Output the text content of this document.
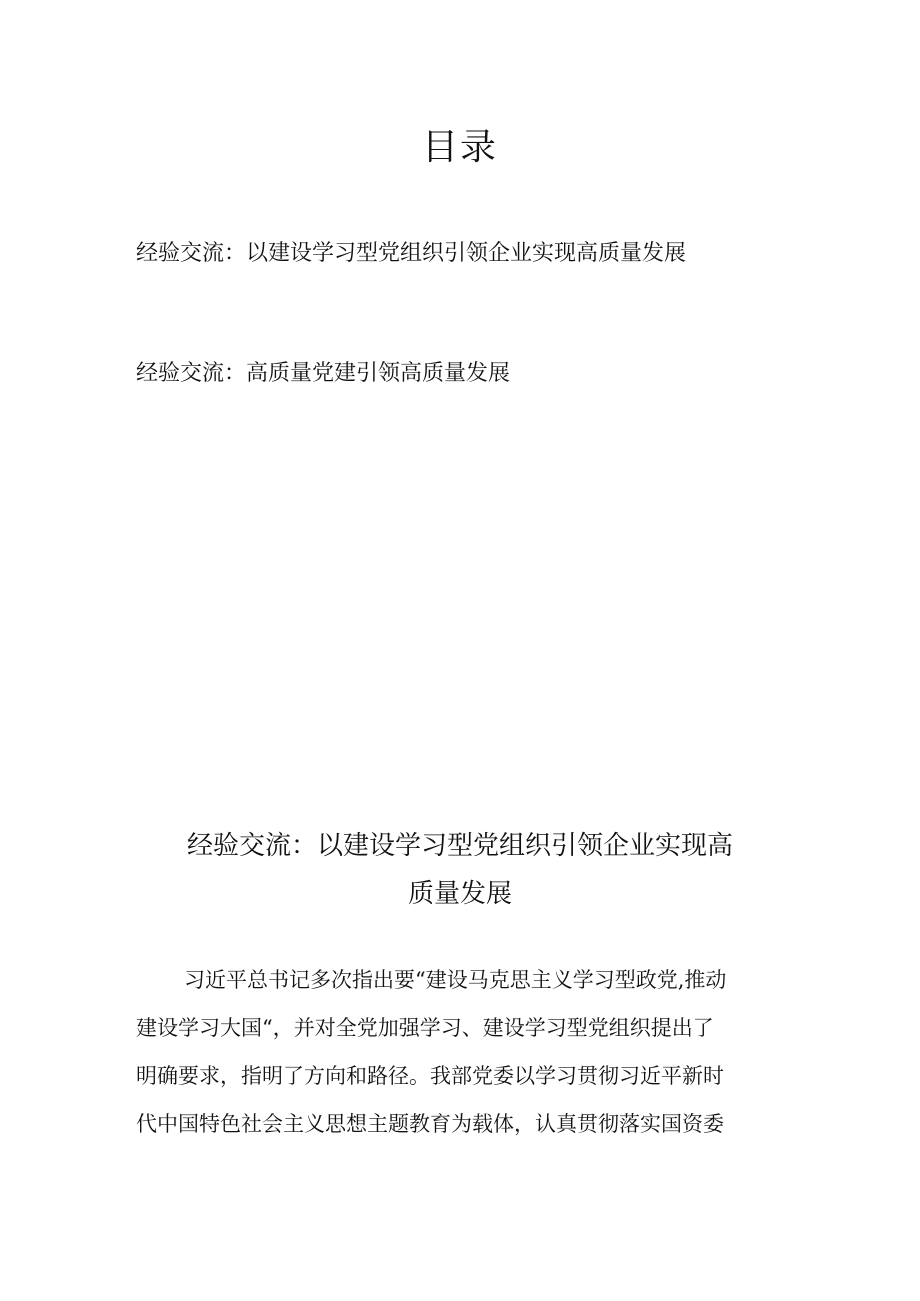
目录
经验交流：以建设学习型党组织引领企业实现高质量发展
经验交流：高质量党建引领高质量发展
经验交流：以建设学习型党组织引领企业实现高
质量发展
习近平总书记多次指出要“建设马克思主义学习型政党,推动
建设学习大国“，并对全党加强学习、建设学习型党组织提出了
明确要求，指明了方向和路径。我部党委以学习贯彻习近平新时
代中国特色社会主义思想主题教育为载体，认真贯彻落实国资委
